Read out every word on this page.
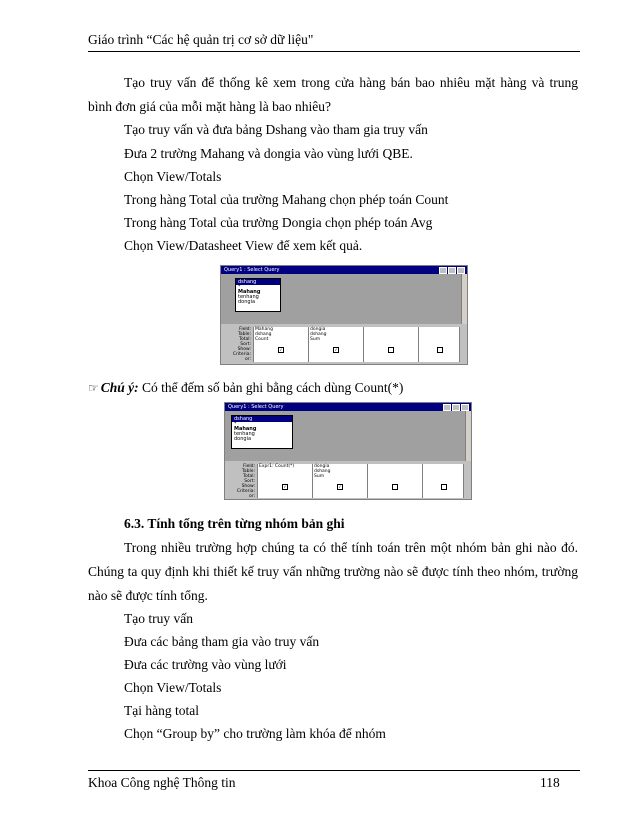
Giáo trình “Các hệ quản trị cơ sở dữ liệu"
Tạo truy vấn để thống kê xem trong cửa hàng bán bao nhiêu mặt hàng và trung
bình đơn giá của mỗi mặt hàng là bao nhiêu?
Tạo truy vấn và đưa bảng Dshang vào tham gia truy vấn
Đưa 2 trường Mahang và dongia vào vùng lưới QBE.
Chọn View/Totals
Trong hàng Total của trường Mahang chọn phép toán Count
Trong hàng Total của trường Dongia chọn phép toán Avg
Chọn View/Datasheet View để xem kết quả.
Query1 : Select Query
dshang
*
Mahang
tenhang
dongia
Field:
Table:
Total:
Sort:
Show:
Criteria:
or:
Mahang
dshang
Count
✓
dongia
dshang
Sum
✓
☞ Chú ý: Có thể đếm số bản ghi bằng cách dùng Count(*)
Query1 : Select Query
dshang
*
Mahang
tenhang
dongia
Field:
Table:
Total:
Sort:
Show:
Criteria:
or:
Expr1: Count(*)
✓
dongia
dshang
Sum
✓
6.3. Tính tổng trên từng nhóm bản ghi
Trong nhiều trường hợp chúng ta có thể tính toán trên một nhóm bản ghi nào đó.
Chúng ta quy định khi thiết kế truy vấn những trường nào sẽ được tính theo nhóm, trường
nào sẽ được tính tổng.
Tạo truy vấn
Đưa các bảng tham gia vào truy vấn
Đưa các trường vào vùng lưới
Chọn View/Totals
Tại hàng total
Chọn “Group by” cho trường làm khóa để nhóm
Khoa Công nghệ Thông tin	118
